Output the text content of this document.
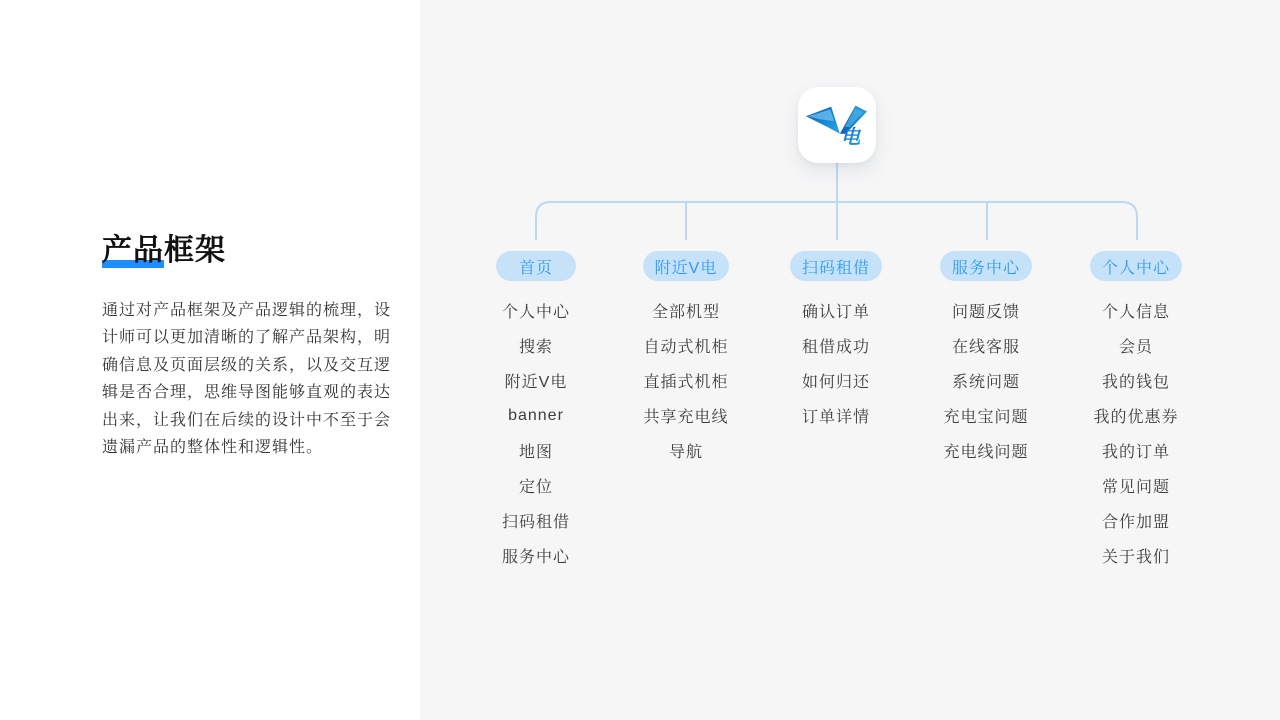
产品框架
通过对产品框架及产品逻辑的梳理，设
计师可以更加清晰的了解产品架构，明
确信息及页面层级的关系，以及交互逻
辑是否合理，思维导图能够直观的表达
出来，让我们在后续的设计中不至于会
遗漏产品的整体性和逻辑性。
电
首页
个人中心
搜索
附近V电
banner
地图
定位
扫码租借
服务中心
附近V电
全部机型
自动式机柜
直插式机柜
共享充电线
导航
扫码租借
确认订单
租借成功
如何归还
订单详情
服务中心
问题反馈
在线客服
系统问题
充电宝问题
充电线问题
个人中心
个人信息
会员
我的钱包
我的优惠券
我的订单
常见问题
合作加盟
关于我们
